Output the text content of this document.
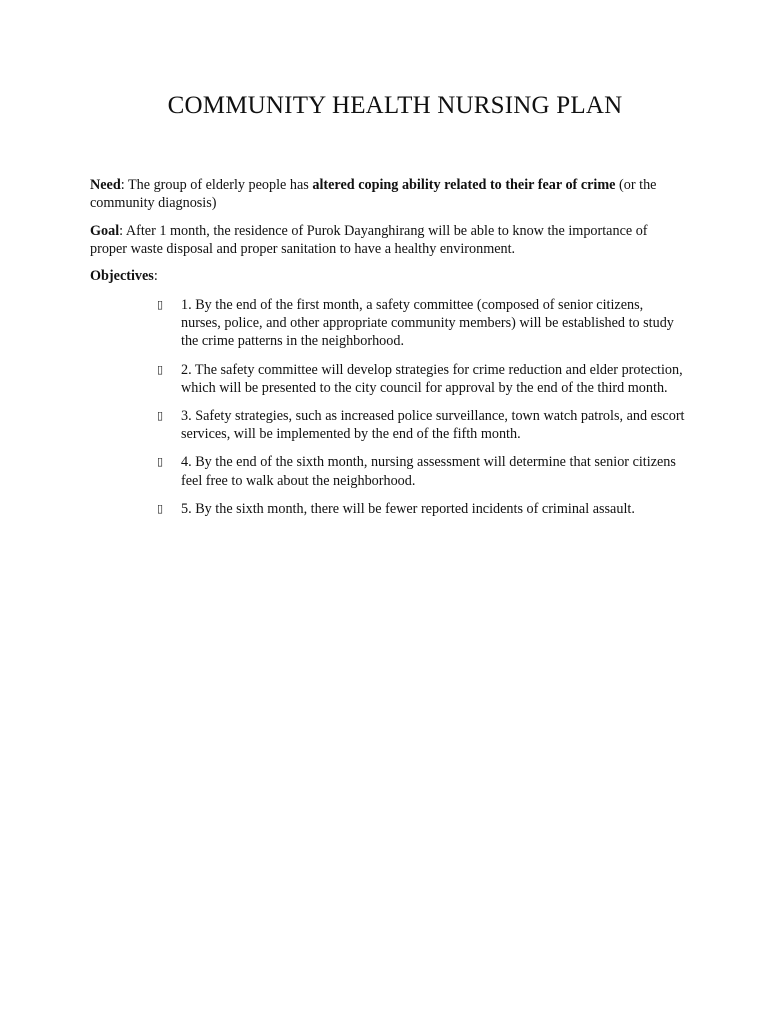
COMMUNITY HEALTH NURSING PLAN

Need: The group of elderly people has altered coping ability related to their fear of crime (or the community diagnosis)

Goal: After 1 month, the residence of Purok Dayanghirang will be able to know the importance of proper waste disposal and proper sanitation to have a healthy environment.

Objectives:

▯ 1. By the end of the first month, a safety committee (composed of senior citizens, nurses, police, and other appropriate community members) will be established to study the crime patterns in the neighborhood.
▯ 2. The safety committee will develop strategies for crime reduction and elder protection, which will be presented to the city council for approval by the end of the third month.
▯ 3. Safety strategies, such as increased police surveillance, town watch patrols, and escort services, will be implemented by the end of the fifth month.
▯ 4. By the end of the sixth month, nursing assessment will determine that senior citizens feel free to walk about the neighborhood.
▯ 5. By the sixth month, there will be fewer reported incidents of criminal assault.
